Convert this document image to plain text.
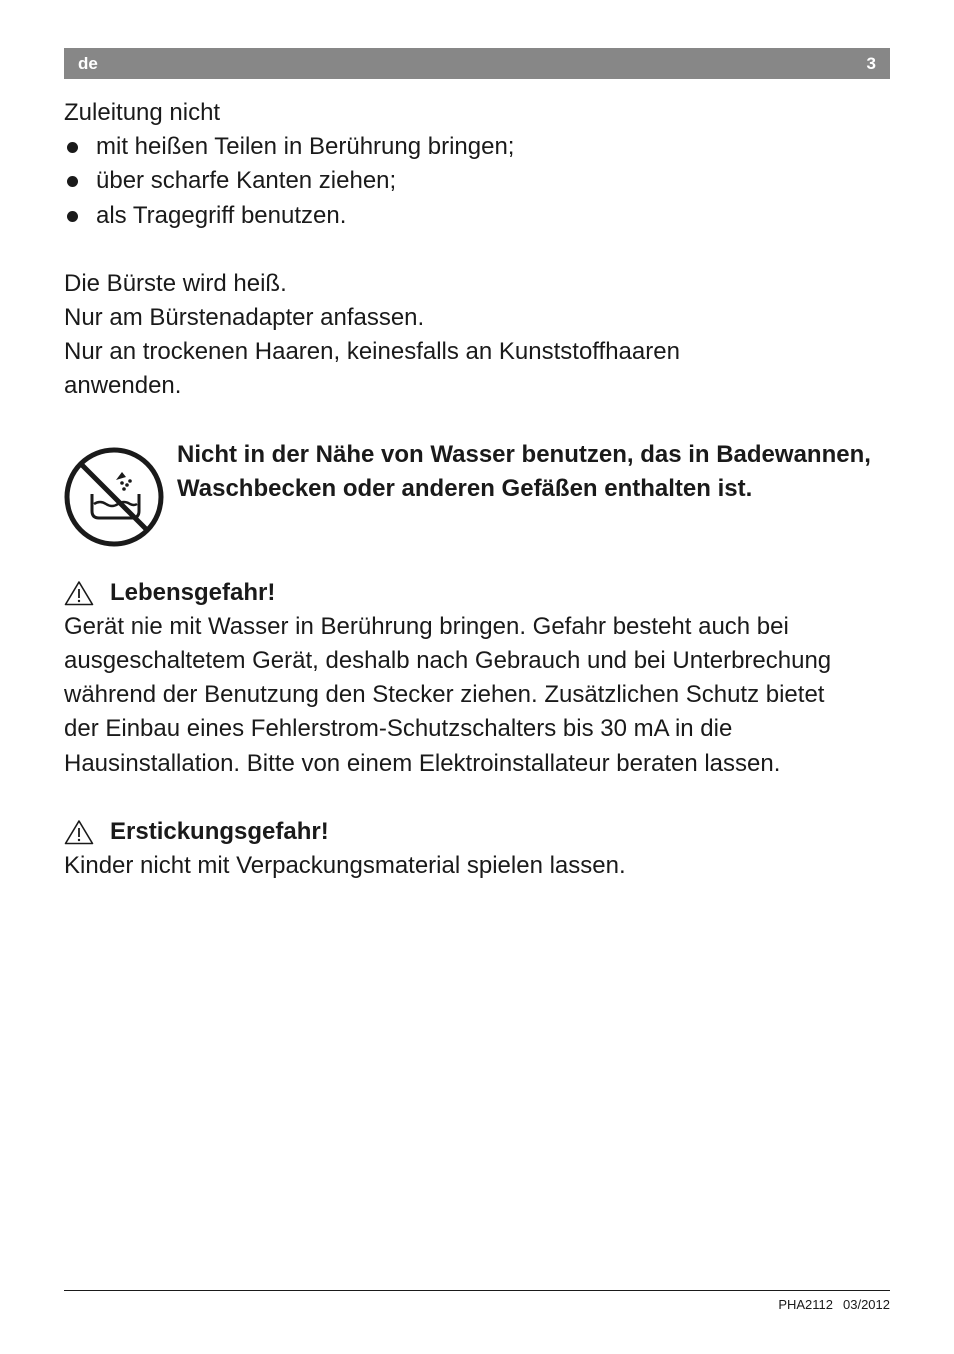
de	3

Zuleitung nicht

mit heißen Teilen in Berührung bringen;
über scharfe Kanten ziehen;
als Tragegriff benutzen.

Die Bürste wird heiß.

Nur am Bürstenadapter anfassen.

Nur an trockenen Haaren, keinesfalls an Kunststoffhaaren anwenden.

Nicht in der Nähe von Wasser benutzen, das in Badewannen, Waschbecken oder anderen Gefäßen enthalten ist.

Lebensgefahr!

Gerät nie mit Wasser in Berührung bringen. Gefahr besteht auch bei ausgeschaltetem Gerät, deshalb nach Gebrauch und bei Unterbrechung während der Benutzung den Stecker ziehen. Zusätzlichen Schutz bietet der Einbau eines Fehlerstrom-Schutzschalters bis 30 mA in die Hausinstallation. Bitte von einem Elektroinstallateur beraten lassen.

Erstickungsgefahr!

Kinder nicht mit Verpackungsmaterial spielen lassen.

PHA2112 03/2012
